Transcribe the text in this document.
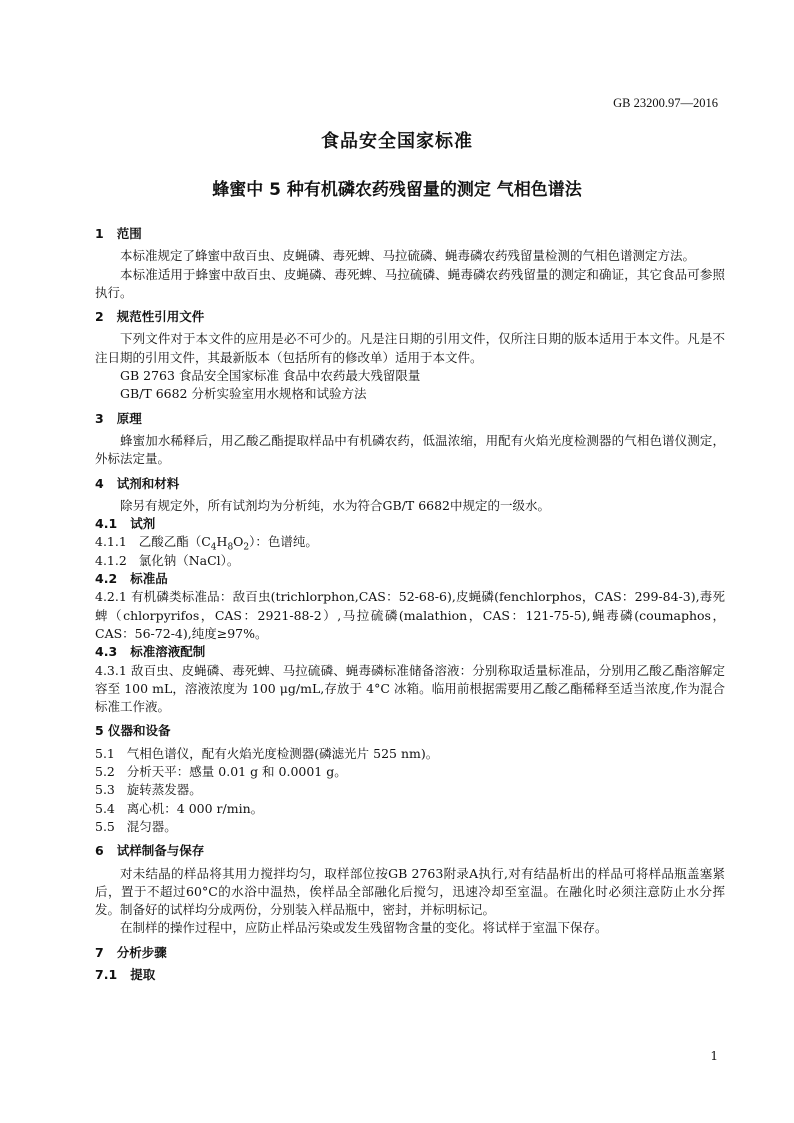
GB 23200.97—2016
食品安全国家标准
蜂蜜中 5 种有机磷农药残留量的测定 气相色谱法
1   范围

本标准规定了蜂蜜中敌百虫、皮蝇磷、毒死蜱、马拉硫磷、蝇毒磷农药残留量检测的气相色谱测定方法。

本标准适用于蜂蜜中敌百虫、皮蝇磷、毒死蜱、马拉硫磷、蝇毒磷农药残留量的测定和确证，其它食品可参照执行。

2   规范性引用文件

下列文件对于本文件的应用是必不可少的。凡是注日期的引用文件，仅所注日期的版本适用于本文件。凡是不注日期的引用文件，其最新版本（包括所有的修改单）适用于本文件。

GB 2763 食品安全国家标准 食品中农药最大残留限量

GB/T 6682 分析实验室用水规格和试验方法

3   原理

蜂蜜加水稀释后，用乙酸乙酯提取样品中有机磷农药，低温浓缩，用配有火焰光度检测器的气相色谱仪测定，外标法定量。

4   试剂和材料

除另有规定外，所有试剂均为分析纯，水为符合GB/T 6682中规定的一级水。

4.1   试剂

4.1.1   乙酸乙酯$(C_4H_8O_2)$：色谱纯。

4.1.2   氯化钠（NaCl）。

4.2   标准品

4.2.1 有机磷类标准品：敌百虫(trichlorphon,CAS：52-68-6),皮蝇磷(fenchlorphos，CAS：299-84-3),毒死蜱（chlorpyrifos，CAS：2921-88-2）,马拉硫磷(malathion，CAS：121-75-5),蝇毒磷(coumaphos，CAS：56-72-4),纯度≥97%。

4.3   标准溶液配制

4.3.1 敌百虫、皮蝇磷、毒死蜱、马拉硫磷、蝇毒磷标准储备溶液：分别称取适量标准品，分别用乙酸乙酯溶解定容至 100 mL，溶液浓度为 100 μg/mL,存放于 4°C 冰箱。临用前根据需要用乙酸乙酯稀释至适当浓度,作为混合标准工作液。

5 仪器和设备

5.1   气相色谱仪，配有火焰光度检测器(磷滤光片 525 nm)。

5.2   分析天平：感量 0.01 g 和 0.0001 g。

5.3   旋转蒸发器。

5.4   离心机：4 000 r/min。

5.5   混匀器。

6   试样制备与保存

对未结晶的样品将其用力搅拌均匀，取样部位按GB 2763附录A执行,对有结晶析出的样品可将样品瓶盖塞紧后，置于不超过60°C的水浴中温热，俟样品全部融化后搅匀，迅速冷却至室温。在融化时必须注意防止水分挥发。制备好的试样均分成两份，分别装入样品瓶中，密封，并标明标记。

在制样的操作过程中，应防止样品污染或发生残留物含量的变化。将试样于室温下保存。

7   分析步骤
7.1   提取
1
